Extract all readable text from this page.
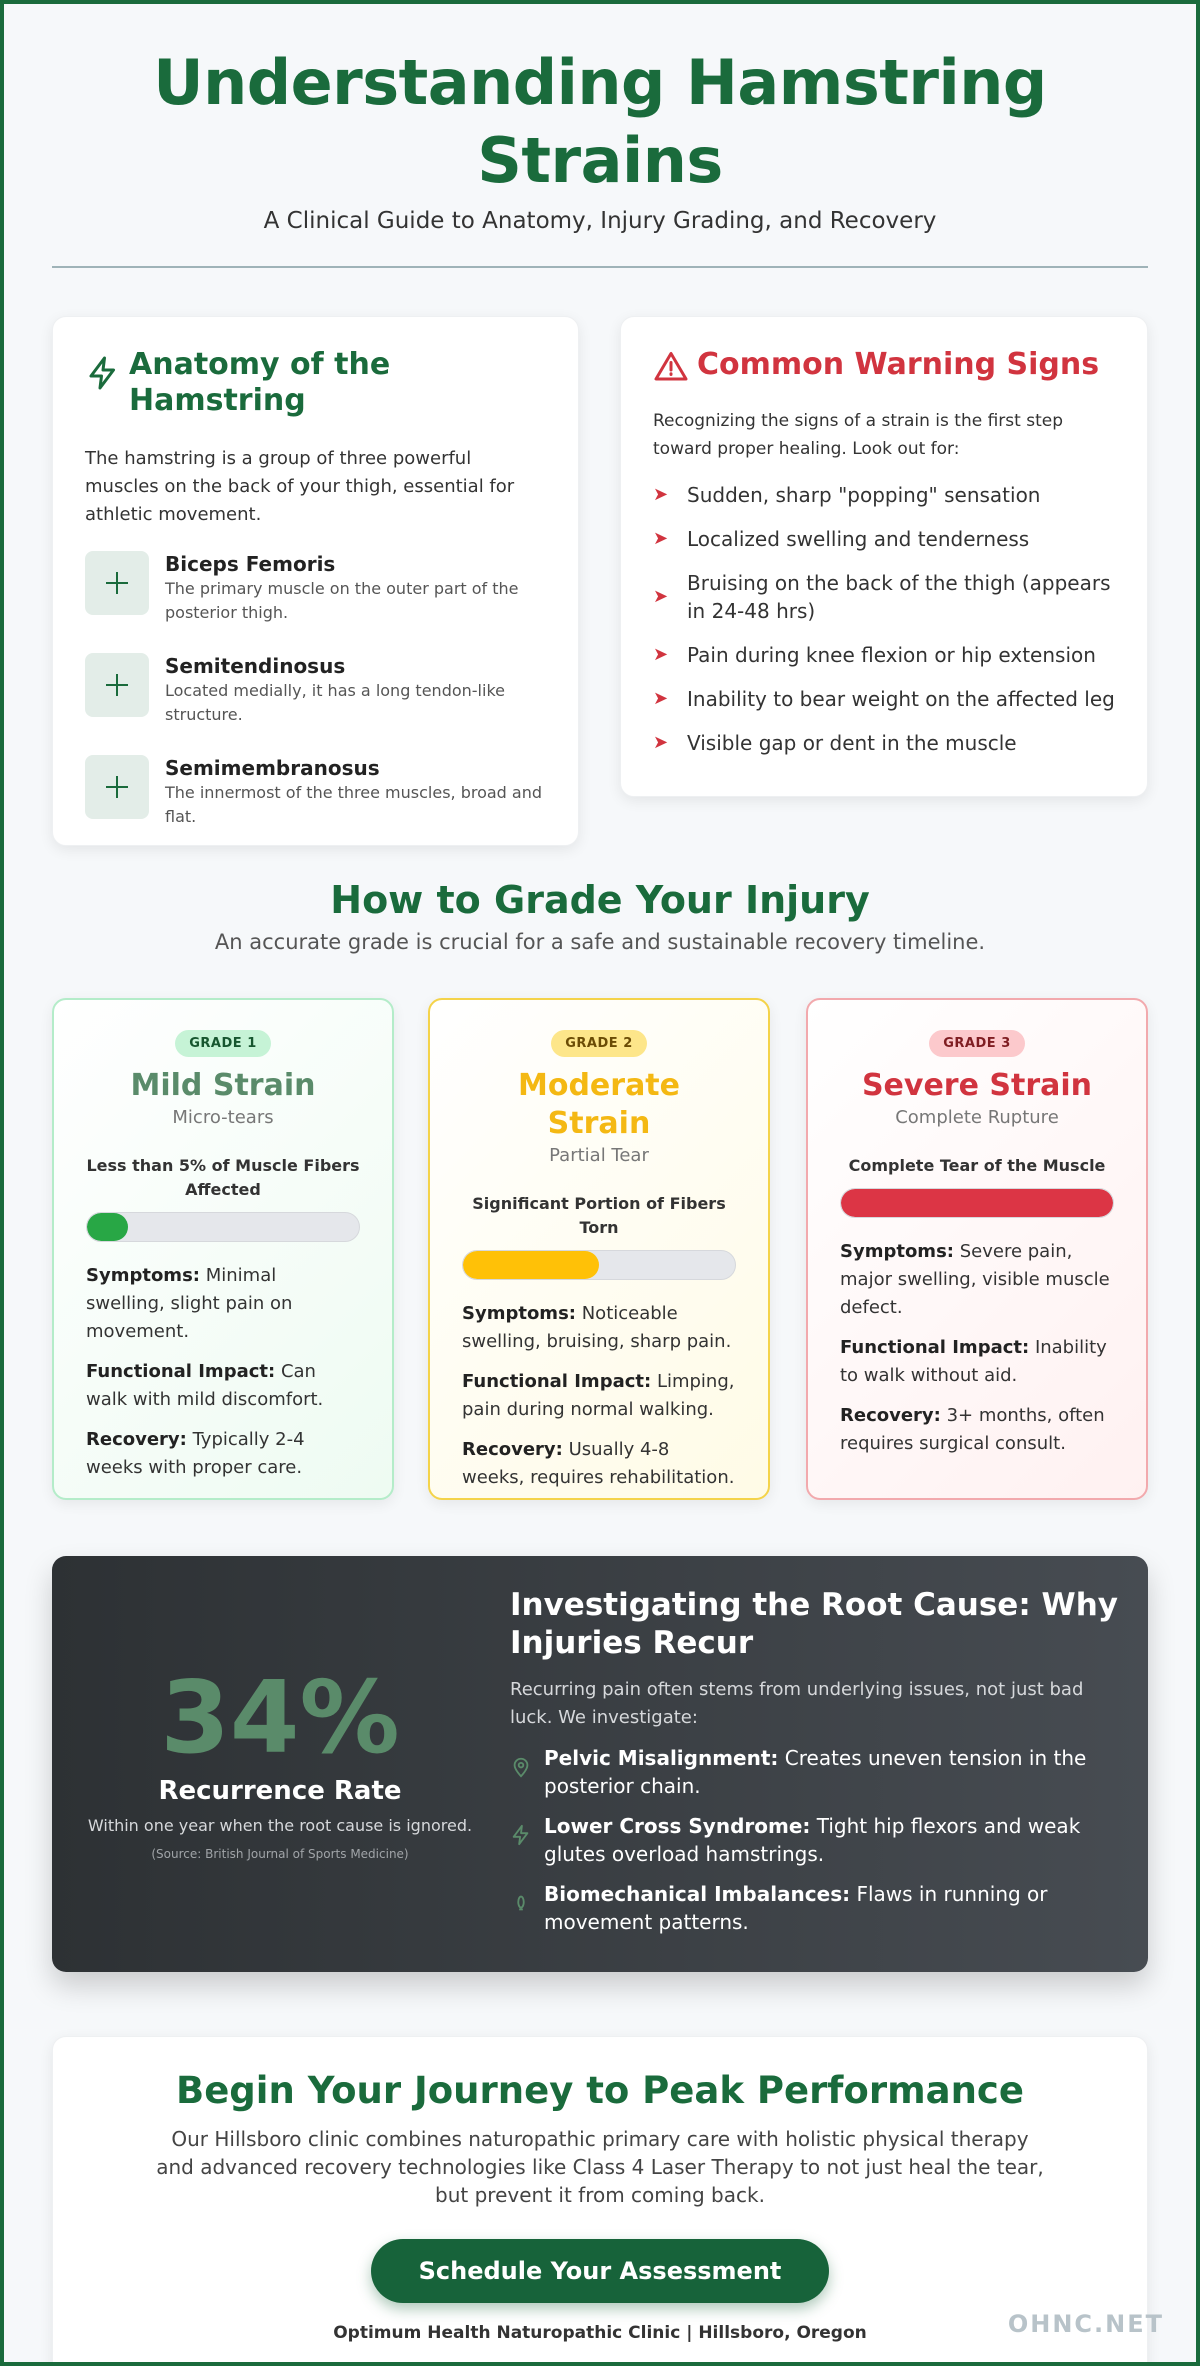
Understanding Hamstring Strains
A Clinical Guide to Anatomy, Injury Grading, and Recovery
Anatomy of the Hamstring

The hamstring is a group of three powerful muscles on the back of your thigh, essential for athletic movement.

Biceps Femoris
The primary muscle on the outer part of the posterior thigh.
Semitendinosus
Located medially, it has a long tendon-like structure.
Semimembranosus
The innermost of the three muscles, broad and flat.
Common Warning Signs

Recognizing the signs of a strain is the first step toward proper healing. Look out for:

➤ Sudden, sharp "popping" sensation
➤ Localized swelling and tenderness
➤
Bruising on the back of the thigh (appears in 24-48 hrs)
➤ Pain during knee flexion or hip extension
➤ Inability to bear weight on the affected leg
➤ Visible gap or dent in the muscle
How to Grade Your Injury

An accurate grade is crucial for a safe and sustainable recovery timeline.

GRADE 1
Mild Strain
Micro-tears
Less than 5% of Muscle Fibers Affected

Symptoms: Minimal swelling, slight pain on movement.

Functional Impact: Can walk with mild discomfort.

Recovery: Typically 2-4 weeks with proper care.

GRADE 2
Moderate Strain
Partial Tear
Significant Portion of Fibers Torn

Symptoms: Noticeable swelling, bruising, sharp pain.

Functional Impact: Limping, pain during normal walking.

Recovery: Usually 4-8 weeks, requires rehabilitation.

GRADE 3
Severe Strain
Complete Rupture
Complete Tear of the Muscle

Symptoms: Severe pain, major swelling, visible muscle defect.

Functional Impact: Inability to walk without aid.

Recovery: 3+ months, often requires surgical consult.

34%
Recurrence Rate
Within one year when the root cause is ignored.
(Source: British Journal of Sports Medicine)
Investigating the Root Cause: Why Injuries Recur

Recurring pain often stems from underlying issues, not just bad luck. We investigate:

Pelvic Misalignment: Creates uneven tension in the posterior chain.
Lower Cross Syndrome: Tight hip flexors and weak glutes overload hamstrings.
Biomechanical Imbalances: Flaws in running or movement patterns.
Begin Your Journey to Peak Performance

Our Hillsboro clinic combines naturopathic primary care with holistic physical therapy and advanced recovery technologies like Class 4 Laser Therapy to not just heal the tear, but prevent it from coming back.

Schedule Your Assessment
Optimum Health Naturopathic Clinic | Hillsboro, Oregon	OHNC.NET
